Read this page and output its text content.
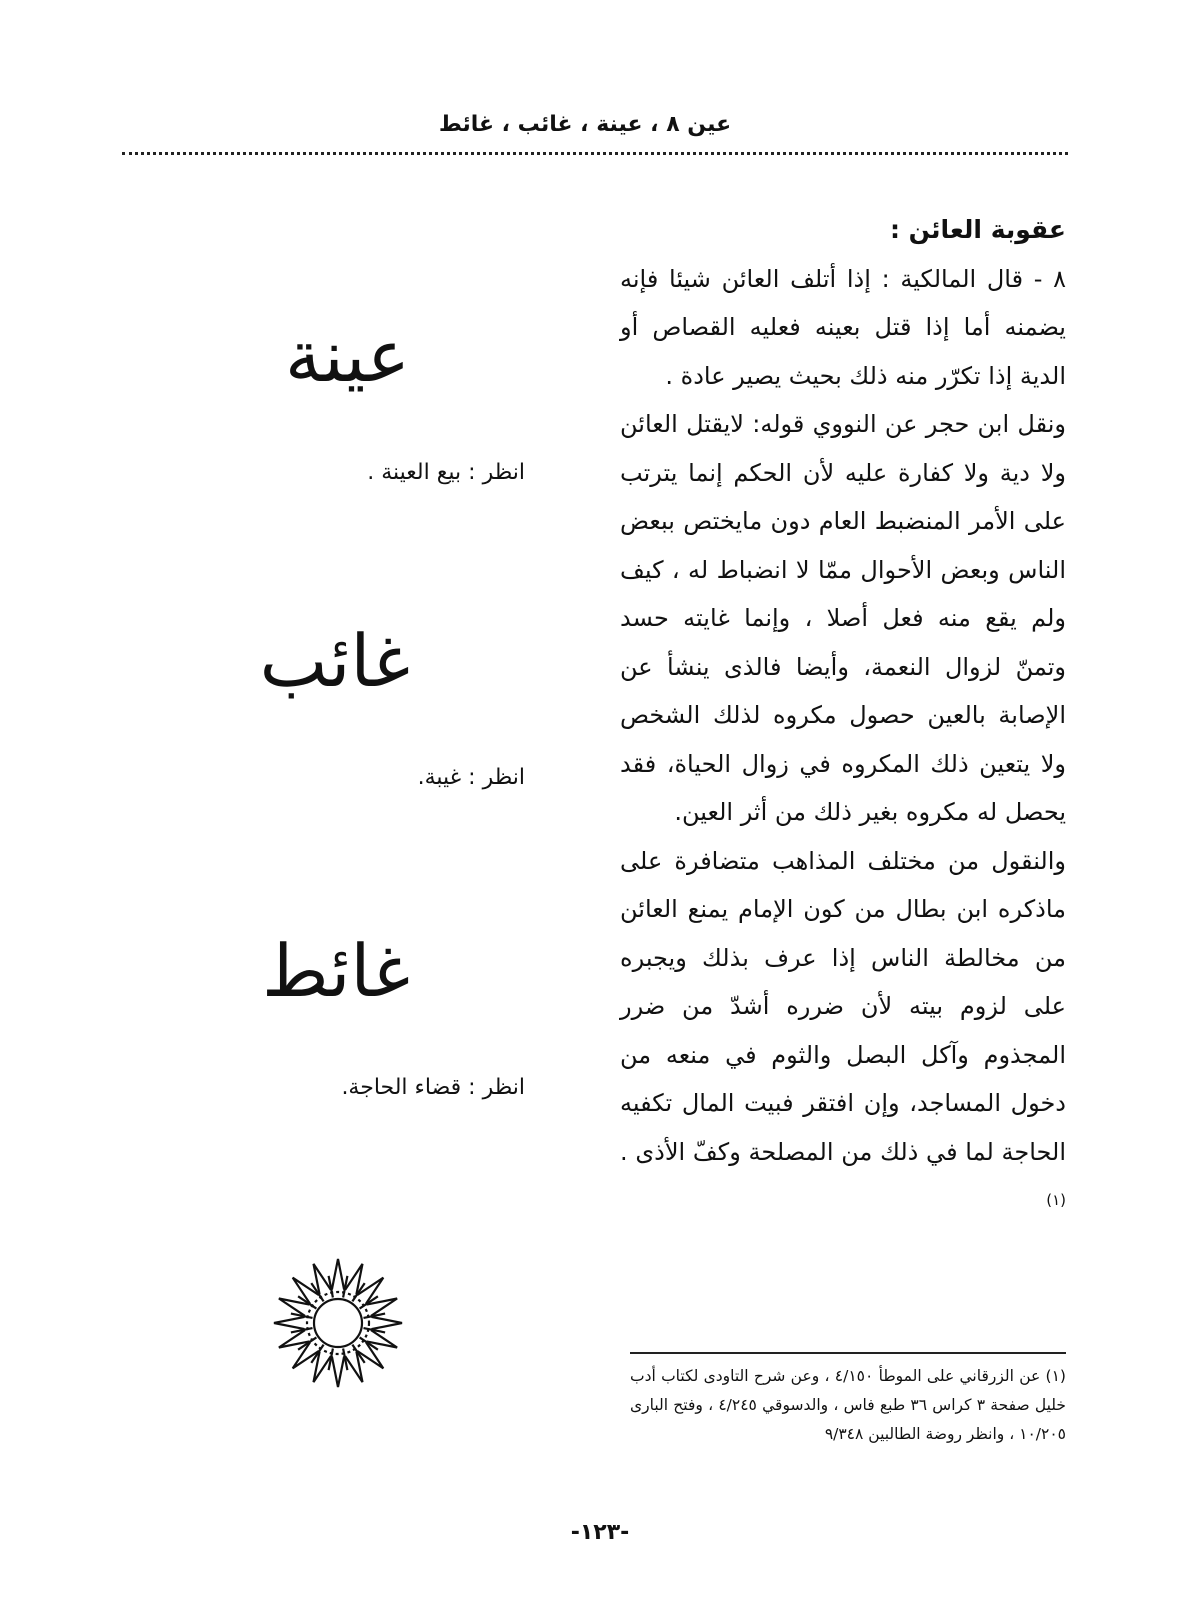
عين ٨ ، عينة ، غائب ، غائط

عقوبة العائن :

٨ - قال المالكية : إذا أتلف العائن شيئا فإنه يضمنه أما إذا قتل بعينه فعليه القصاص أو الدية إذا تكرّر منه ذلك بحيث يصير عادة .

ونقل ابن حجر عن النووي قوله: لايقتل العائن ولا دية ولا كفارة عليه لأن الحكم إنما يترتب على الأمر المنضبط العام دون مايختص ببعض الناس وبعض الأحوال ممّا لا انضباط له ، كيف ولم يقع منه فعل أصلا ، وإنما غايته حسد وتمنّ لزوال النعمة، وأيضا فالذى ينشأ عن الإصابة بالعين حصول مكروه لذلك الشخص ولا يتعين ذلك المكروه في زوال الحياة، فقد يحصل له مكروه بغير ذلك من أثر العين.

والنقول من مختلف المذاهب متضافرة على ماذكره ابن بطال من كون الإمام يمنع العائن من مخالطة الناس إذا عرف بذلك ويجبره على لزوم بيته لأن ضرره أشدّ من ضرر المجذوم وآكل البصل والثوم في منعه من دخول المساجد، وإن افتقر فبيت المال تكفيه الحاجة لما في ذلك من المصلحة وكفّ الأذى . $^{(١)}$

(١) عن الزرقاني على الموطأ ٤/١٥٠ ، وعن شرح التاودى لكتاب أدب خليل صفحة ٣ كراس ٣٦ طبع فاس ، والدسوقي ٤/٢٤٥ ، وفتح البارى ١٠/٢٠٥ ، وانظر روضة الطالبين ٩/٣٤٨
عينة
انظر : بيع العينة .
غائب
انظر : غيبة.
غائط
انظر : قضاء الحاجة.
-١٢٣-
